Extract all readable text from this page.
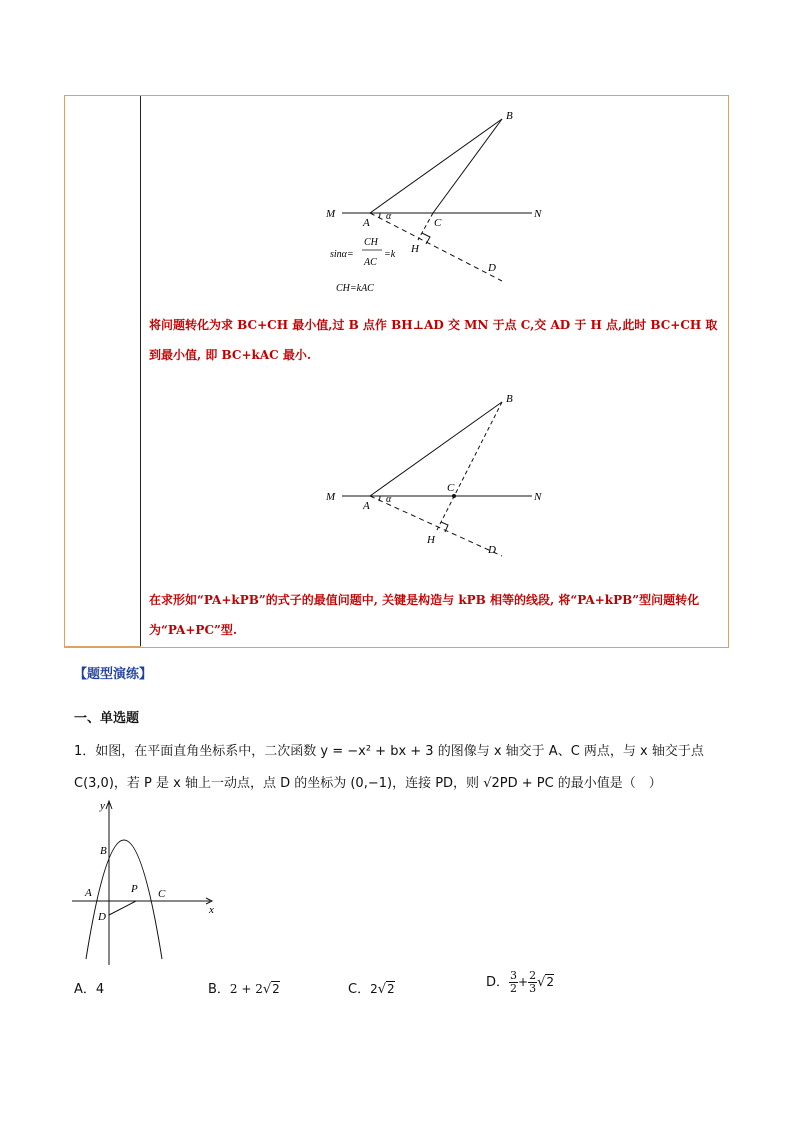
B
M	N
A
α
C
H
D
sinα=
CH
AC
=k
CH=kAC
将问题转化为求 BC+CH 最小值,过 B 点作 BH⊥AD 交 MN 于点 C,交 AD 于 H 点,此时 BC+CH 取到最小值, 即 BC+kAC 最小.
B
M	N
A
α
C
H
D
在求形如“PA+kPB”的式子的最值问题中, 关键是构造与 kPB 相等的线段, 将“PA+kPB”型问题转化为“PA+PC”型.
【题型演练】
一、单选题
1．如图，在平面直角坐标系中，二次函数 y = −x² + bx + 3 的图像与 x 轴交于 A、C 两点，与 x 轴交于点
C(3,0)，若 P 是 x 轴上一动点，点 D 的坐标为 (0,−1)，连接 PD，则 √2PD + PC 的最小值是（　）
y
x
B
A	P C
D
A．4	B．2 + 2√2	C．2√2	D． $\frac{3}{2} + \frac{2}{3} √2$
